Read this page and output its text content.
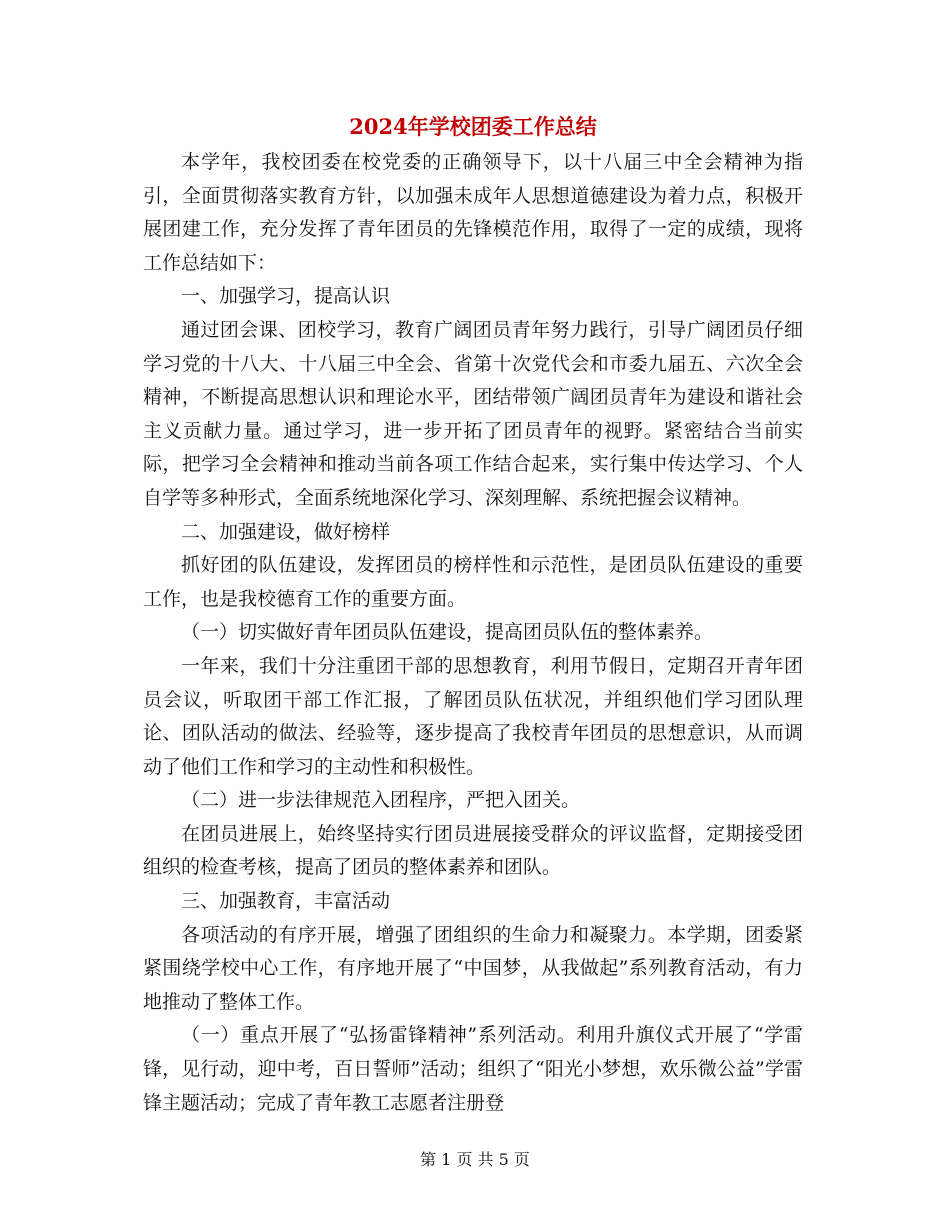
2024年学校团委工作总结

本学年，我校团委在校党委的正确领导下，以十八届三中全会精神为指引，全面贯彻落实教育方针，以加强未成年人思想道德建设为着力点，积极开展团建工作，充分发挥了青年团员的先锋模范作用，取得了一定的成绩，现将工作总结如下：

一、加强学习，提高认识

通过团会课、团校学习，教育广阔团员青年努力践行，引导广阔团员仔细学习党的十八大、十八届三中全会、省第十次党代会和市委九届五、六次全会精神，不断提高思想认识和理论水平，团结带领广阔团员青年为建设和谐社会主义贡献力量。通过学习，进一步开拓了团员青年的视野。紧密结合当前实际，把学习全会精神和推动当前各项工作结合起来，实行集中传达学习、个人自学等多种形式，全面系统地深化学习、深刻理解、系统把握会议精神。

二、加强建设，做好榜样

抓好团的队伍建设，发挥团员的榜样性和示范性，是团员队伍建设的重要工作，也是我校德育工作的重要方面。

（一）切实做好青年团员队伍建设，提高团员队伍的整体素养。

一年来，我们十分注重团干部的思想教育，利用节假日，定期召开青年团员会议，听取团干部工作汇报，了解团员队伍状况，并组织他们学习团队理论、团队活动的做法、经验等，逐步提高了我校青年团员的思想意识，从而调动了他们工作和学习的主动性和积极性。

（二）进一步法律规范入团程序，严把入团关。

在团员进展上，始终坚持实行团员进展接受群众的评议监督，定期接受团组织的检查考核，提高了团员的整体素养和团队。

三、加强教育，丰富活动

各项活动的有序开展，增强了团组织的生命力和凝聚力。本学期，团委紧紧围绕学校中心工作，有序地开展了“中国梦，从我做起”系列教育活动，有力地推动了整体工作。

（一）重点开展了“弘扬雷锋精神”系列活动。利用升旗仪式开展了“学雷锋，见行动，迎中考，百日誓师”活动；组织了“阳光小梦想，欢乐微公益”学雷锋主题活动；完成了青年教工志愿者注册登

第 1 页 共 5 页
